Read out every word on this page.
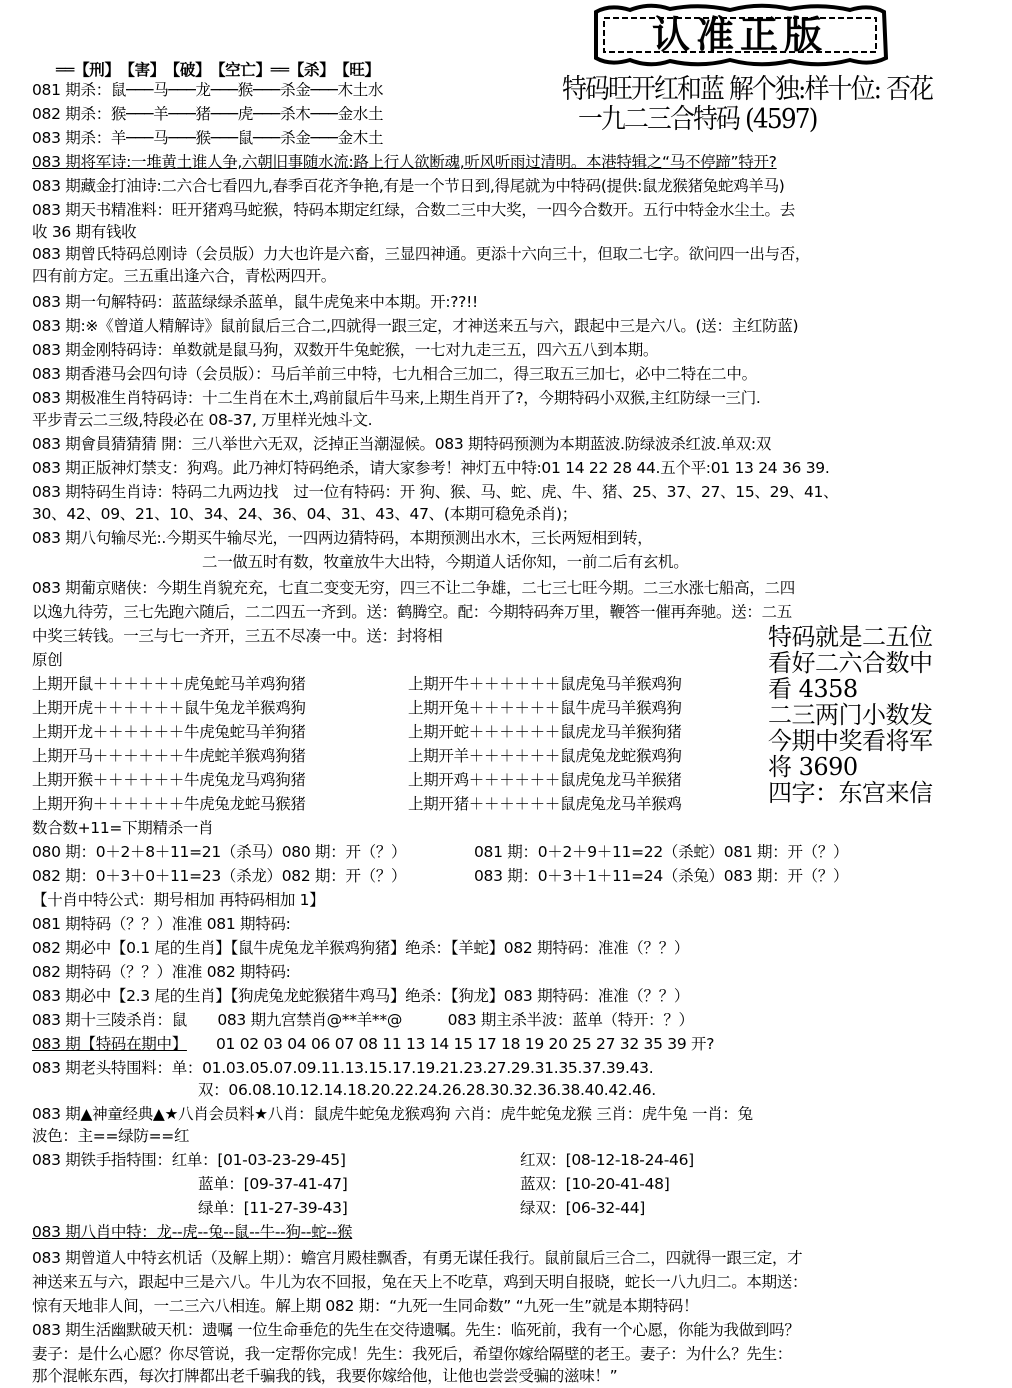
认准正版
══【刑】　【害】　【破】　【空亡】══【杀】　【旺】
081 期杀：鼠───马───龙───猴───杀金───木土水
082 期杀：猴───羊───猪───虎───杀木───金水土
083 期杀：羊───马───猴───鼠───杀金───金木土
特码旺开红和蓝 解个独:样十位: 否花
一九二三合特码 (4597)
083 期将军诗:一堆黄土谁人争,六朝旧事随水流:路上行人欲断魂,听风听雨过清明。本港特辑之“马不停蹄”特开?
083 期藏金打油诗:二六合七看四九,春季百花齐争艳,有是一个节日到,得尾就为中特码(提供:鼠龙猴猪兔蛇鸡羊马)
083 期天书精准料：旺开猪鸡马蛇猴，特码本期定红绿，合数二三中大奖，一四今合数开。五行中特金水尘土。去
收 36 期有钱收
083 期曾氏特码总刚诗（会员版）力大也许是六畜，三显四神通。更添十六向三十，但取二七字。欲问四一出与否，
四有前方定。三五重出逢六合，青松两四开。
083 期一句解特码：蓝蓝绿绿杀蓝单，鼠牛虎兔来中本期。开:??!!
083 期:※《曾道人精解诗》鼠前鼠后三合二,四就得一跟三定，才神送来五与六，跟起中三是六八。(送：主红防蓝)
083 期金刚特码诗：单数就是鼠马狗，双数开牛兔蛇猴，一七对九走三五，四六五八到本期。
083 期香港马会四句诗（会员版）：马后羊前三中特，七九相合三加二，得三取五三加七，必中二特在二中。
083 期极准生肖特码诗：十二生肖在木土,鸡前鼠后牛马来,上期生肖开了?，今期特码小双猴,主红防绿一三门.
平步青云二三级,特段必在 08-37, 万里样光烛斗文.
083 期會員猜猜猜 開：三八举世六无双，泛掉正当潮湿候。083 期特码预测为本期蓝波.防绿波杀红波.单双:双
083 期正版神灯禁支：狗鸡。此乃神灯特码绝杀，请大家参考！神灯五中特:01 14 22 28 44.五个平:01 13 24 36 39.
083 期特码生肖诗：特码二九两边找　过一位有特码：开 狗、猴、马、蛇、虎、牛、猪、25、37、27、15、29、41、
30、42、09、21、10、34、24、36、04、31、43、47、(本期可稳免杀肖)；
083 期八句输尽光:.今期买牛输尽光，一四两边猜特码，本期预测出水木，三长两短相到转，
二一做五时有数，牧童放牛大出特，今期道人话你知，一前二后有玄机。
083 期葡京赌侠：今期生肖貌充充，七直二变变无穷，四三不让二争雄，二七三七旺今期。二三水涨七船高，二四
以逸九待劳，三七先跑六随后，二二四五一齐到。送：鹤腾空。配：今期特码奔万里，鞭答一催再奔驰。送：二五
中奖三转钱。一三与七一齐开，三五不尽凑一中。送：封将相
原创
上期开鼠＋＋＋＋＋＋虎兔蛇马羊鸡狗猪	上期开牛＋＋＋＋＋＋鼠虎兔马羊猴鸡狗
上期开虎＋＋＋＋＋＋鼠牛兔龙羊猴鸡狗	上期开兔＋＋＋＋＋＋鼠牛虎马羊猴鸡狗
上期开龙＋＋＋＋＋＋牛虎兔蛇马羊狗猪	上期开蛇＋＋＋＋＋＋鼠虎龙马羊猴狗猪
上期开马＋＋＋＋＋＋牛虎蛇羊猴鸡狗猪	上期开羊＋＋＋＋＋＋鼠虎兔龙蛇猴鸡狗
上期开猴＋＋＋＋＋＋牛虎兔龙马鸡狗猪	上期开鸡＋＋＋＋＋＋鼠虎兔龙马羊猴猪
上期开狗＋＋＋＋＋＋牛虎兔龙蛇马猴猪	上期开猪＋＋＋＋＋＋鼠虎兔龙马羊猴鸡
特码就是二五位
看好二六合数中
看 4358
二三两门小数发
今期中奖看将军
将 3690
四字：东宫来信
数合数+11=下期精杀一肖
080 期：0＋2＋8＋11=21（杀马）080 期：开（？）	081 期：0＋2＋9＋11=22（杀蛇）081 期：开（？）
082 期：0＋3＋0＋11=23（杀龙）082 期：开（？）	083 期：0＋3＋1＋11=24（杀兔）083 期：开（？）
【十肖中特公式：期号相加 再特码相加 1】
081 期特码（？？）准准 081 期特码:
082 期必中【0.1 尾的生肖】【鼠牛虎兔龙羊猴鸡狗猪】绝杀：【羊蛇】082 期特码：准准（？？）
082 期特码（？？）准准 082 期特码:
083 期必中【2.3 尾的生肖】【狗虎兔龙蛇猴猪牛鸡马】绝杀：【狗龙】083 期特码：准准（？？）
083 期十三陵杀肖：鼠　　083 期九宫禁肖@**羊**@　　　083 期主杀半波：蓝单（特开：？）
083 期【特码在期中】 01 02 03 04 06 07 08 11 13 14 15 17 18 19 20 25 27 32 35 39 开?
083 期老头特围料：单：01.03.05.07.09.11.13.15.17.19.21.23.27.29.31.35.37.39.43.
双：06.08.10.12.14.18.20.22.24.26.28.30.32.36.38.40.42.46.
083 期▲神童经典▲★八肖会员料★八肖：鼠虎牛蛇兔龙猴鸡狗 六肖：虎牛蛇兔龙猴 三肖：虎牛兔 一肖：兔
波色：主==绿防==红
083 期铁手指特围：红单：[01-03-23-29-45]	红双：[08-12-18-24-46]
蓝单：[09-37-41-47]	蓝双：[10-20-41-48]
绿单：[11-27-39-43]	绿双：[06-32-44]
083 期八肖中特：龙--虎--兔--鼠--牛--狗--蛇--猴
083 期曾道人中特玄机话（及解上期）：蟾宫月殿桂飘香，有勇无谋任我行。鼠前鼠后三合二，四就得一跟三定，才
神送来五与六，跟起中三是六八。牛儿为农不回报，兔在天上不吃草，鸡到天明自报晓，蛇长一八九归二。本期送：
惊有天地非人间，一二三六八相连。解上期 082 期：“九死一生同命数” “九死一生”就是本期特码！
083 期生活幽默破天机：遗嘱 一位生命垂危的先生在交待遗嘱。先生：临死前，我有一个心愿，你能为我做到吗？
妻子：是什么心愿？你尽管说，我一定帮你完成！先生：我死后，希望你嫁给隔壁的老王。妻子：为什么？先生：
那个混帐东西，每次打牌都出老千骗我的钱，我要你嫁给他，让他也尝尝受骗的滋味！”
